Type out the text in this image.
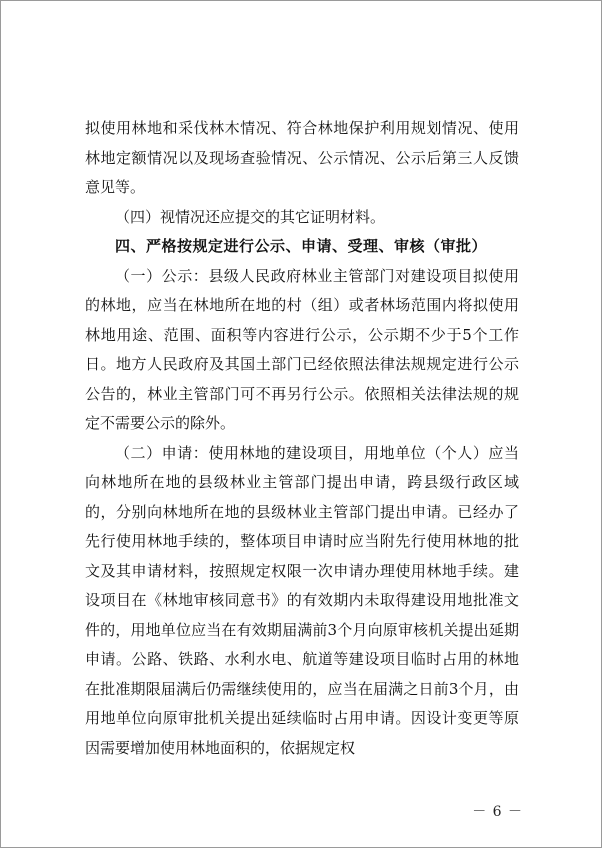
拟使用林地和采伐林木情况、符合林地保护利用规划情况、使用林地定额情况以及现场查验情况、公示情况、公示后第三人反馈意见等。

（四）视情况还应提交的其它证明材料。

四、严格按规定进行公示、申请、受理、审核（审批）

（一）公示：县级人民政府林业主管部门对建设项目拟使用的林地，应当在林地所在地的村（组）或者林场范围内将拟使用林地用途、范围、面积等内容进行公示，公示期不少于5个工作日。地方人民政府及其国土部门已经依照法律法规规定进行公示公告的，林业主管部门可不再另行公示。依照相关法律法规的规定不需要公示的除外。

（二）申请：使用林地的建设项目，用地单位（个人）应当向林地所在地的县级林业主管部门提出申请，跨县级行政区域的，分别向林地所在地的县级林业主管部门提出申请。已经办了先行使用林地手续的，整体项目申请时应当附先行使用林地的批文及其申请材料，按照规定权限一次申请办理使用林地手续。建设项目在《林地审核同意书》的有效期内未取得建设用地批准文件的，用地单位应当在有效期届满前3个月向原审核机关提出延期申请。公路、铁路、水利水电、航道等建设项目临时占用的林地在批准期限届满后仍需继续使用的，应当在届满之日前3个月，由用地单位向原审批机关提出延续临时占用申请。因设计变更等原因需要增加使用林地面积的，依据规定权

－ 6 －
